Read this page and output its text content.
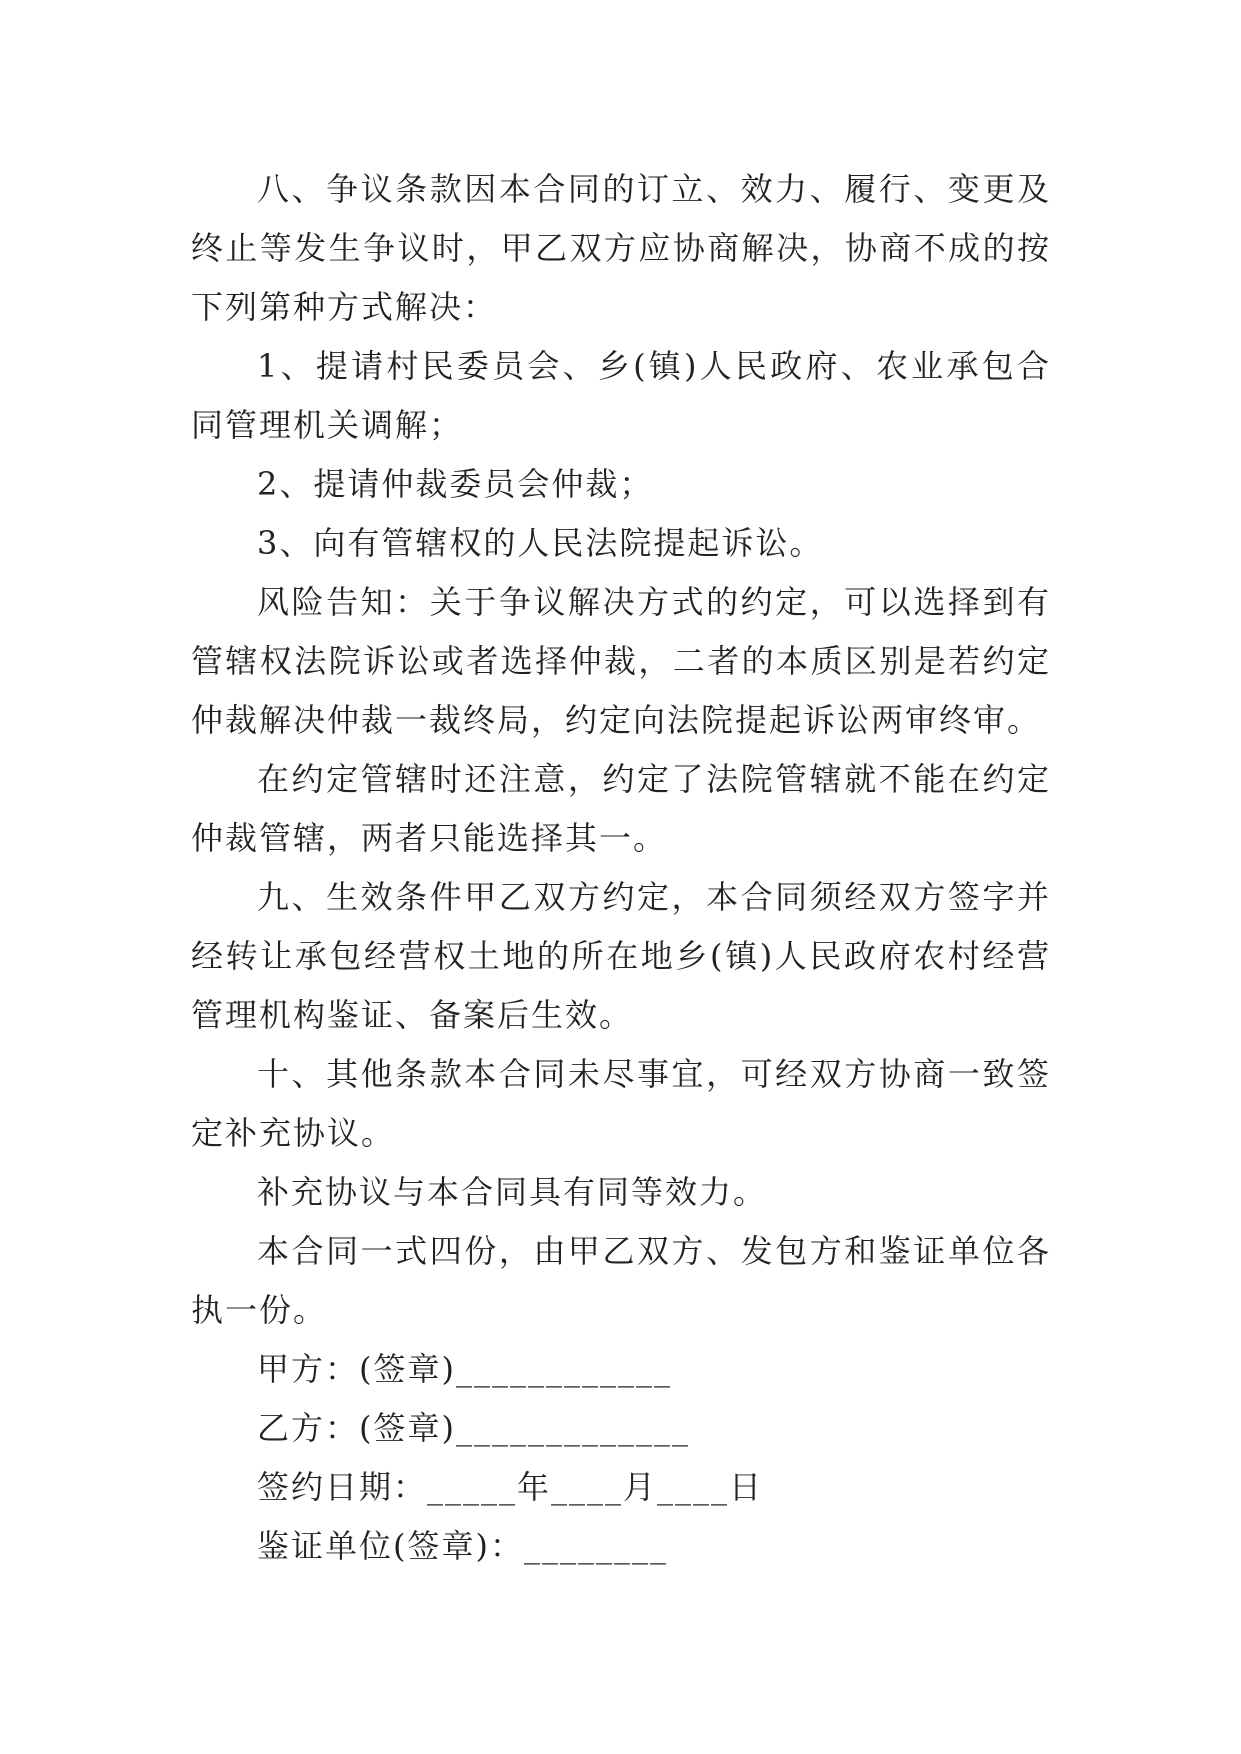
八、争议条款因本合同的订立、效力、履行、变更及终止等发生争议时，甲乙双方应协商解决，协商不成的按下列第种方式解决：

1、提请村民委员会、乡(镇)人民政府、农业承包合同管理机关调解；

2、提请仲裁委员会仲裁；

3、向有管辖权的人民法院提起诉讼。

风险告知：关于争议解决方式的约定，可以选择到有管辖权法院诉讼或者选择仲裁，二者的本质区别是若约定仲裁解决仲裁一裁终局，约定向法院提起诉讼两审终审。

在约定管辖时还注意，约定了法院管辖就不能在约定仲裁管辖，两者只能选择其一。

九、生效条件甲乙双方约定，本合同须经双方签字并经转让承包经营权土地的所在地乡(镇)人民政府农村经营管理机构鉴证、备案后生效。

十、其他条款本合同未尽事宜，可经双方协商一致签定补充协议。

补充协议与本合同具有同等效力。

本合同一式四份，由甲乙双方、发包方和鉴证单位各执一份。

甲方：(签章)____________

乙方：(签章)_____________

签约日期：_____年____月____日

鉴证单位(签章)：________
